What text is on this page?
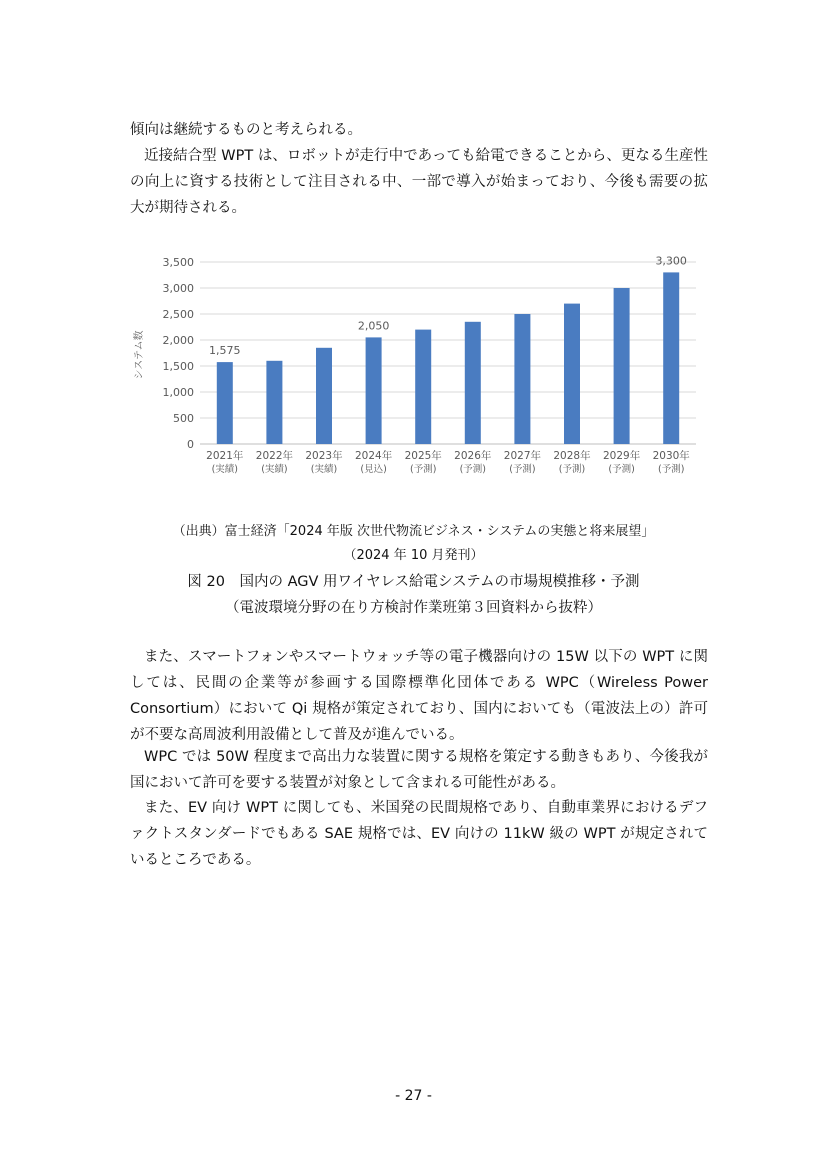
傾向は継続するものと考えられる。

近接結合型 WPT は、ロボットが走行中であっても給電できることから、更なる生産性の向上に資する技術として注目される中、一部で導入が始まっており、今後も需要の拡大が期待される。

0
500
1,000
1,500
2,000
2,500
3,000
3,500
1,575
2,050
3,300
2021年
(実績)
2022年
(実績)
2023年
(実績)
2024年
(見込)
2025年
(予測)
2026年
(予測)
2027年
(予測)
2028年
(予測)
2029年
(予測)
2030年
(予測)
システム数

（出典）富士経済「2024 年版 次世代物流ビジネス・システムの実態と将来展望」

（2024 年 10 月発刊）

図 20　国内の AGV 用ワイヤレス給電システムの市場規模推移・予測

（電波環境分野の在り方検討作業班第３回資料から抜粋）

また、スマートフォンやスマートウォッチ等の電子機器向けの 15W 以下の WPT に関しては、民間の企業等が参画する国際標準化団体である WPC（Wireless Power Consortium）において Qi 規格が策定されており、国内においても（電波法上の）許可が不要な高周波利用設備として普及が進んでいる。

WPC では 50W 程度まで高出力な装置に関する規格を策定する動きもあり、今後我が国において許可を要する装置が対象として含まれる可能性がある。

また、EV 向け WPT に関しても、米国発の民間規格であり、自動車業界におけるデファクトスタンダードでもある SAE 規格では、EV 向けの 11kW 級の WPT が規定されているところである。

- 27 -
